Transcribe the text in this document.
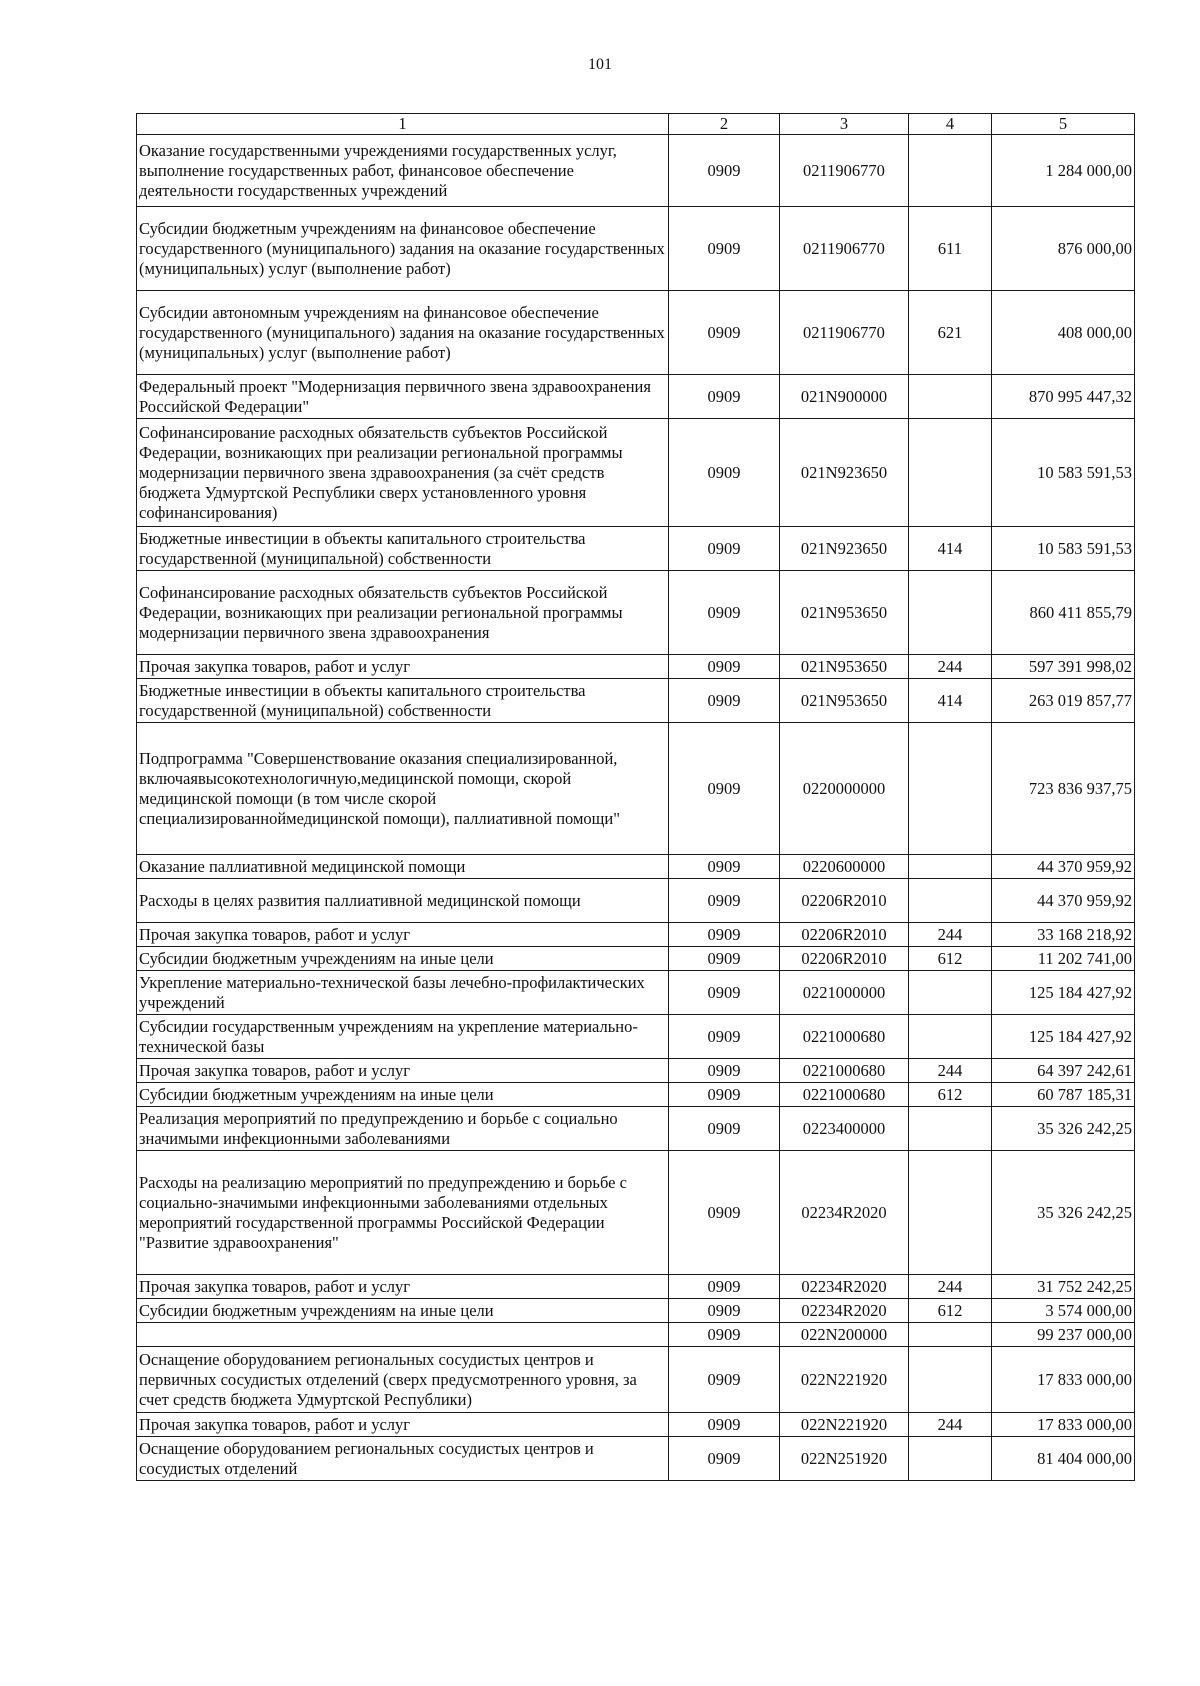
101
1	2	3	4	5
Оказание государственными учреждениями государственных услуг, выполнение государственных работ, финансовое обеспечение деятельности государственных учреждений	0909	0211906770		1 284 000,00
Субсидии бюджетным учреждениям на финансовое обеспечение государственного (муниципального) задания на оказание государственных (муниципальных) услуг (выполнение работ)	0909	0211906770	611	876 000,00
Субсидии автономным учреждениям на финансовое обеспечение государственного (муниципального) задания на оказание государственных (муниципальных) услуг (выполнение работ)	0909	0211906770	621	408 000,00
Федеральный проект "Модернизация первичного звена здравоохранения Российской Федерации"	0909	021N900000		870 995 447,32
Софинансирование расходных обязательств субъектов Российской Федерации, возникающих при реализации региональной программы модернизации первичного звена здравоохранения (за счёт средств бюджета Удмуртской Республики сверх установленного уровня софинансирования)	0909	021N923650		10 583 591,53
Бюджетные инвестиции в объекты капитального строительства государственной (муниципальной) собственности	0909	021N923650	414	10 583 591,53
Софинансирование расходных обязательств субъектов Российской Федерации, возникающих при реализации региональной программы модернизации первичного звена здравоохранения	0909	021N953650		860 411 855,79
Прочая закупка товаров, работ и услуг	0909	021N953650	244	597 391 998,02
Бюджетные инвестиции в объекты капитального строительства государственной (муниципальной) собственности	0909	021N953650	414	263 019 857,77
Подпрограмма "Совершенствование оказания специализированной, включаявысокотехнологичную,медицинской помощи, скорой медицинской помощи (в том числе скорой специализированноймедицинской помощи), паллиативной помощи"	0909	0220000000		723 836 937,75
Оказание паллиативной медицинской помощи	0909	0220600000		44 370 959,92
Расходы в целях развития паллиативной медицинской помощи	0909	02206R2010		44 370 959,92
Прочая закупка товаров, работ и услуг	0909	02206R2010	244	33 168 218,92
Субсидии бюджетным учреждениям на иные цели	0909	02206R2010	612	11 202 741,00
Укрепление материально-технической базы лечебно-профилактических учреждений	0909	0221000000		125 184 427,92
Субсидии государственным учреждениям на укрепление материально-технической базы	0909	0221000680		125 184 427,92
Прочая закупка товаров, работ и услуг	0909	0221000680	244	64 397 242,61
Субсидии бюджетным учреждениям на иные цели	0909	0221000680	612	60 787 185,31
Реализация мероприятий по предупреждению и борьбе с социально значимыми инфекционными заболеваниями	0909	0223400000		35 326 242,25
Расходы на реализацию мероприятий по предупреждению и борьбе с социально-значимыми инфекционными заболеваниями отдельных мероприятий государственной программы Российской Федерации "Развитие здравоохранения"	0909	02234R2020		35 326 242,25
Прочая закупка товаров, работ и услуг	0909	02234R2020	244	31 752 242,25
Субсидии бюджетным учреждениям на иные цели	0909	02234R2020	612	3 574 000,00
	0909	022N200000		99 237 000,00
Оснащение оборудованием региональных сосудистых центров и первичных сосудистых отделений (сверх предусмотренного уровня, за счет средств бюджета Удмуртской Республики)	0909	022N221920		17 833 000,00
Прочая закупка товаров, работ и услуг	0909	022N221920	244	17 833 000,00
Оснащение оборудованием региональных сосудистых центров и сосудистых отделений	0909	022N251920		81 404 000,00
